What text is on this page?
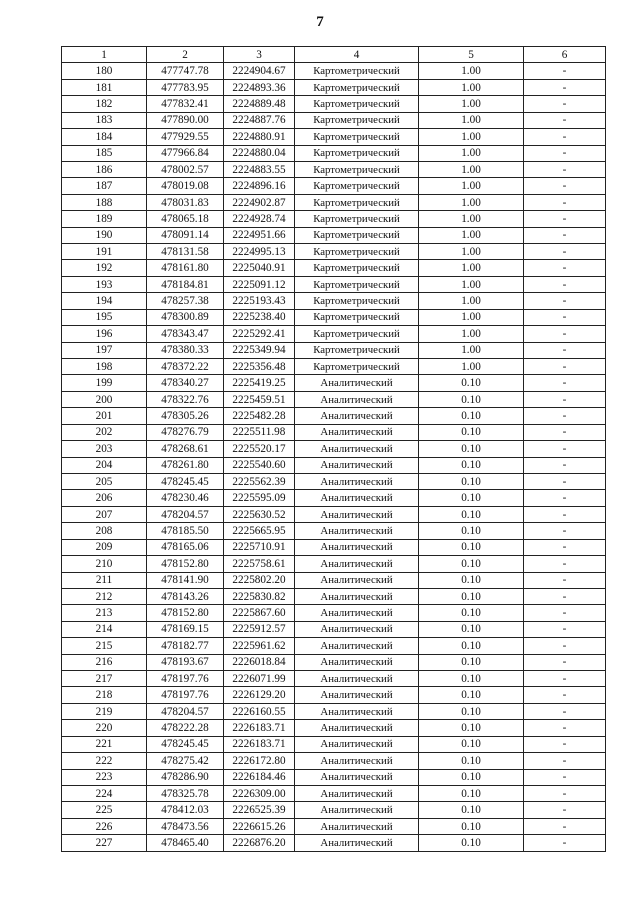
7
1	2	3	4	5	6
180	477747.78	2224904.67	Картометрический	1.00	-
181	477783.95	2224893.36	Картометрический	1.00	-
182	477832.41	2224889.48	Картометрический	1.00	-
183	477890.00	2224887.76	Картометрический	1.00	-
184	477929.55	2224880.91	Картометрический	1.00	-
185	477966.84	2224880.04	Картометрический	1.00	-
186	478002.57	2224883.55	Картометрический	1.00	-
187	478019.08	2224896.16	Картометрический	1.00	-
188	478031.83	2224902.87	Картометрический	1.00	-
189	478065.18	2224928.74	Картометрический	1.00	-
190	478091.14	2224951.66	Картометрический	1.00	-
191	478131.58	2224995.13	Картометрический	1.00	-
192	478161.80	2225040.91	Картометрический	1.00	-
193	478184.81	2225091.12	Картометрический	1.00	-
194	478257.38	2225193.43	Картометрический	1.00	-
195	478300.89	2225238.40	Картометрический	1.00	-
196	478343.47	2225292.41	Картометрический	1.00	-
197	478380.33	2225349.94	Картометрический	1.00	-
198	478372.22	2225356.48	Картометрический	1.00	-
199	478340.27	2225419.25	Аналитический	0.10	-
200	478322.76	2225459.51	Аналитический	0.10	-
201	478305.26	2225482.28	Аналитический	0.10	-
202	478276.79	2225511.98	Аналитический	0.10	-
203	478268.61	2225520.17	Аналитический	0.10	-
204	478261.80	2225540.60	Аналитический	0.10	-
205	478245.45	2225562.39	Аналитический	0.10	-
206	478230.46	2225595.09	Аналитический	0.10	-
207	478204.57	2225630.52	Аналитический	0.10	-
208	478185.50	2225665.95	Аналитический	0.10	-
209	478165.06	2225710.91	Аналитический	0.10	-
210	478152.80	2225758.61	Аналитический	0.10	-
211	478141.90	2225802.20	Аналитический	0.10	-
212	478143.26	2225830.82	Аналитический	0.10	-
213	478152.80	2225867.60	Аналитический	0.10	-
214	478169.15	2225912.57	Аналитический	0.10	-
215	478182.77	2225961.62	Аналитический	0.10	-
216	478193.67	2226018.84	Аналитический	0.10	-
217	478197.76	2226071.99	Аналитический	0.10	-
218	478197.76	2226129.20	Аналитический	0.10	-
219	478204.57	2226160.55	Аналитический	0.10	-
220	478222.28	2226183.71	Аналитический	0.10	-
221	478245.45	2226183.71	Аналитический	0.10	-
222	478275.42	2226172.80	Аналитический	0.10	-
223	478286.90	2226184.46	Аналитический	0.10	-
224	478325.78	2226309.00	Аналитический	0.10	-
225	478412.03	2226525.39	Аналитический	0.10	-
226	478473.56	2226615.26	Аналитический	0.10	-
227	478465.40	2226876.20	Аналитический	0.10	-
